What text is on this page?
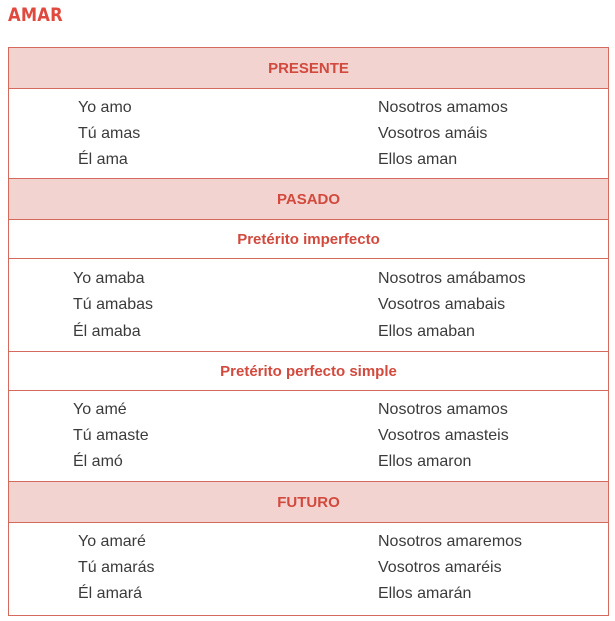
AMAR
PRESENTE
Yo amo
Tú amas
Él ama
Nosotros amamos
Vosotros amáis
Ellos aman
PASADO
Pretérito imperfecto
Yo amaba
Tú amabas
Él amaba
Nosotros amábamos
Vosotros amabais
Ellos amaban
Pretérito perfecto simple
Yo amé
Tú amaste
Él amó
Nosotros amamos
Vosotros amasteis
Ellos amaron
FUTURO
Yo amaré
Tú amarás
Él amará
Nosotros amaremos
Vosotros amaréis
Ellos amarán
